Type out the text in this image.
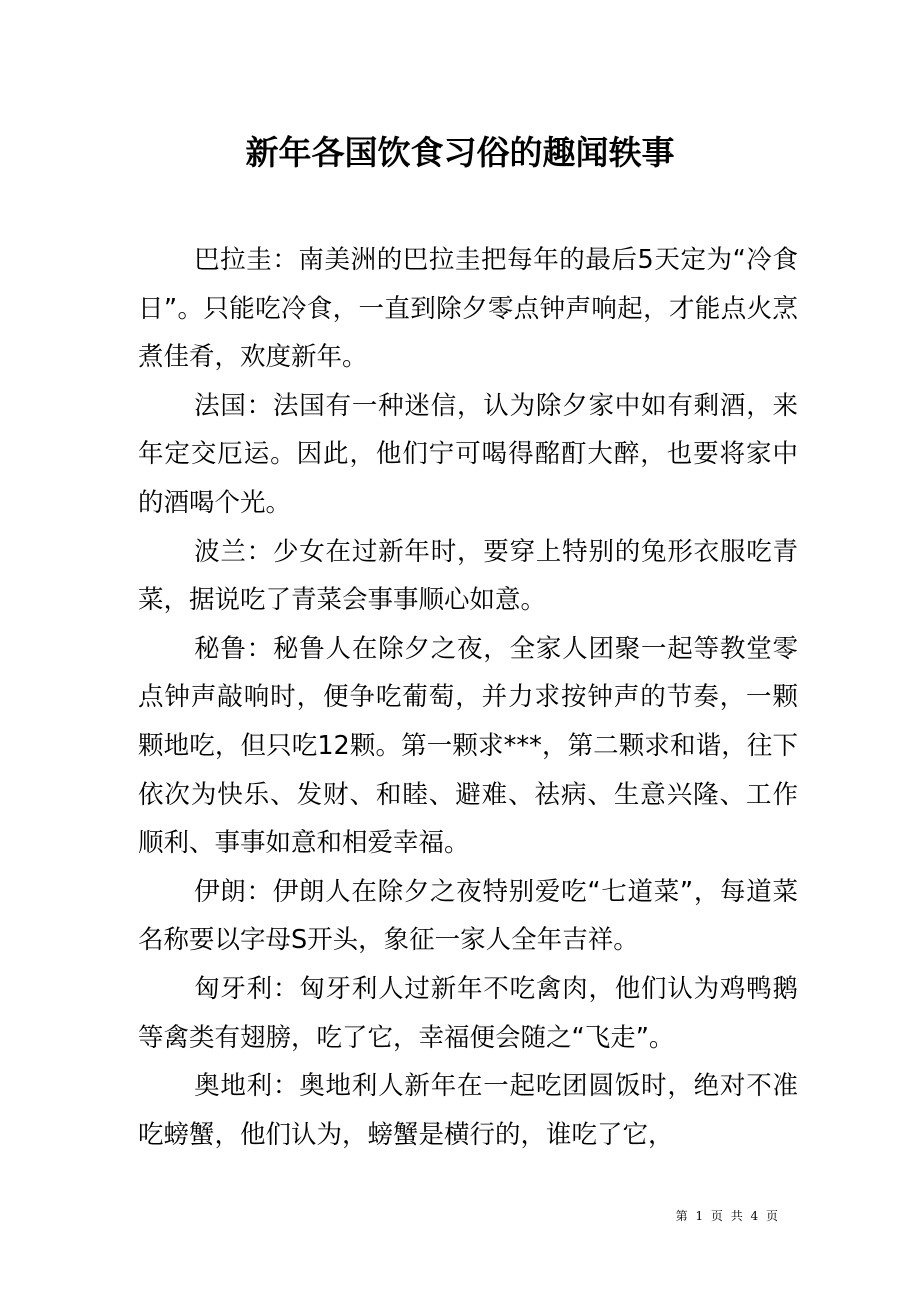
新年各国饮食习俗的趣闻轶事

巴拉圭：南美洲的巴拉圭把每年的最后5天定为“冷食日”。只能吃冷食，一直到除夕零点钟声响起，才能点火烹煮佳肴，欢度新年。

法国：法国有一种迷信，认为除夕家中如有剩酒，来年定交厄运。因此，他们宁可喝得酩酊大醉，也要将家中的酒喝个光。

波兰：少女在过新年时，要穿上特别的兔形衣服吃青菜，据说吃了青菜会事事顺心如意。

秘鲁：秘鲁人在除夕之夜，全家人团聚一起等教堂零点钟声敲响时，便争吃葡萄，并力求按钟声的节奏，一颗颗地吃，但只吃12颗。第一颗求***，第二颗求和谐，往下依次为快乐、发财、和睦、避难、祛病、生意兴隆、工作顺利、事事如意和相爱幸福。

伊朗：伊朗人在除夕之夜特别爱吃“七道菜”，每道菜名称要以字母S开头，象征一家人全年吉祥。

匈牙利：匈牙利人过新年不吃禽肉，他们认为鸡鸭鹅等禽类有翅膀，吃了它，幸福便会随之“飞走”。

奥地利：奥地利人新年在一起吃团圆饭时，绝对不准吃螃蟹，他们认为，螃蟹是横行的，谁吃了它，

第 1 页 共 4 页
